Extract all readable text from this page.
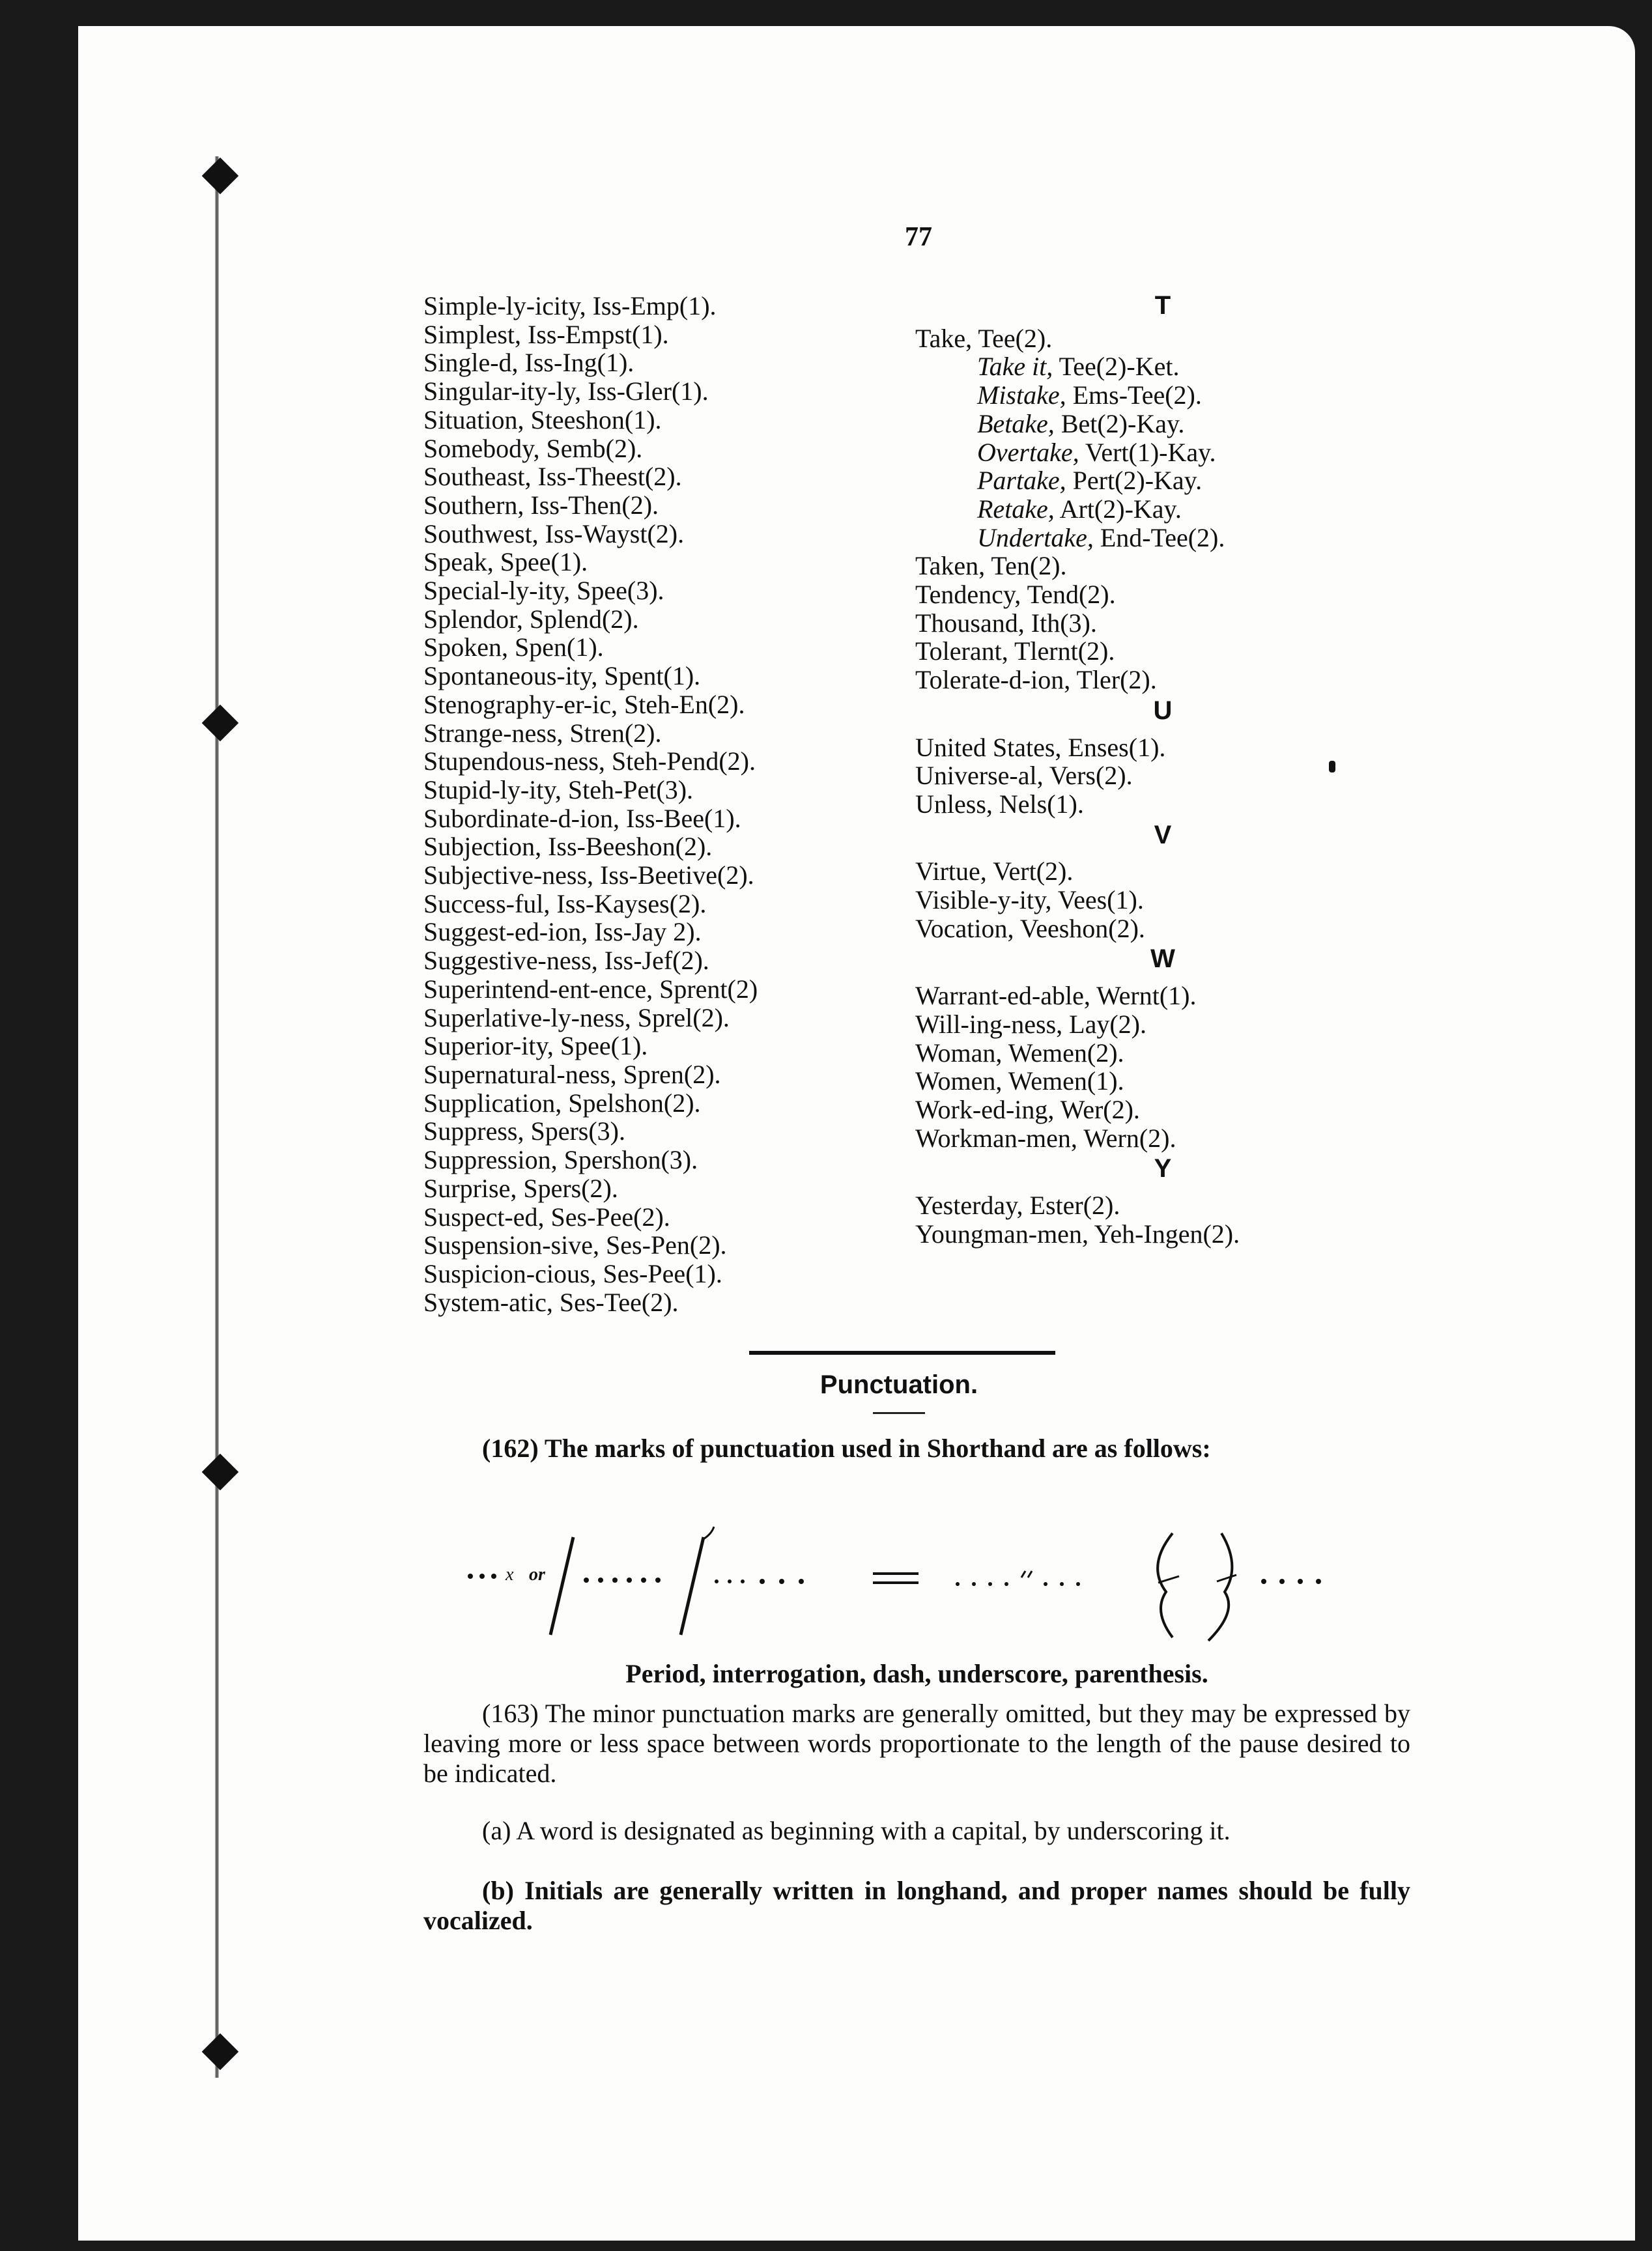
77
Simple-ly-icity, Iss-Emp(1).
Simplest, Iss-Empst(1).
Single-d, Iss-Ing(1).
Singular-ity-ly, Iss-Gler(1).
Situation, Steeshon(1).
Somebody, Semb(2).
Southeast, Iss-Theest(2).
Southern, Iss-Then(2).
Southwest, Iss-Wayst(2).
Speak, Spee(1).
Special-ly-ity, Spee(3).
Splendor, Splend(2).
Spoken, Spen(1).
Spontaneous-ity, Spent(1).
Stenography-er-ic, Steh-En(2).
Strange-ness, Stren(2).
Stupendous-ness, Steh-Pend(2).
Stupid-ly-ity, Steh-Pet(3).
Subordinate-d-ion, Iss-Bee(1).
Subjection, Iss-Beeshon(2).
Subjective-ness, Iss-Beetive(2).
Success-ful, Iss-Kayses(2).
Suggest-ed-ion, Iss-Jay 2).
Suggestive-ness, Iss-Jef(2).
Superintend-ent-ence, Sprent(2)
Superlative-ly-ness, Sprel(2).
Superior-ity, Spee(1).
Supernatural-ness, Spren(2).
Supplication, Spelshon(2).
Suppress, Spers(3).
Suppression, Spershon(3).
Surprise, Spers(2).
Suspect-ed, Ses-Pee(2).
Suspension-sive, Ses-Pen(2).
Suspicion-cious, Ses-Pee(1).
System-atic, Ses-Tee(2).
T
Take, Tee(2).
Take it, Tee(2)-Ket.
Mistake, Ems-Tee(2).
Betake, Bet(2)-Kay.
Overtake, Vert(1)-Kay.
Partake, Pert(2)-Kay.
Retake, Art(2)-Kay.
Undertake, End-Tee(2).
Taken, Ten(2).
Tendency, Tend(2).
Thousand, Ith(3).
Tolerant, Tlernt(2).
Tolerate-d-ion, Tler(2).
U
United States, Enses(1).
Universe-al, Vers(2).
Unless, Nels(1).
V
Virtue, Vert(2).
Visible-y-ity, Vees(1).
Vocation, Veeshon(2).
W
Warrant-ed-able, Wernt(1).
Will-ing-ness, Lay(2).
Woman, Wemen(2).
Women, Wemen(1).
Work-ed-ing, Wer(2).
Workman-men, Wern(2).
Y
Yesterday, Ester(2).
Youngman-men, Yeh-Ingen(2).
Punctuation.
(162) The marks of punctuation used in Shorthand are as follows:
x or
Period, interrogation, dash, underscore, parenthesis.
(163) The minor punctuation marks are generally omitted, but they may be expressed by leaving more or less space between words proportionate to the length of the pause desired to be indicated.
(a) A word is designated as beginning with a capital, by underscoring it.
(b) Initials are generally written in longhand, and proper names should be fully vocalized.
